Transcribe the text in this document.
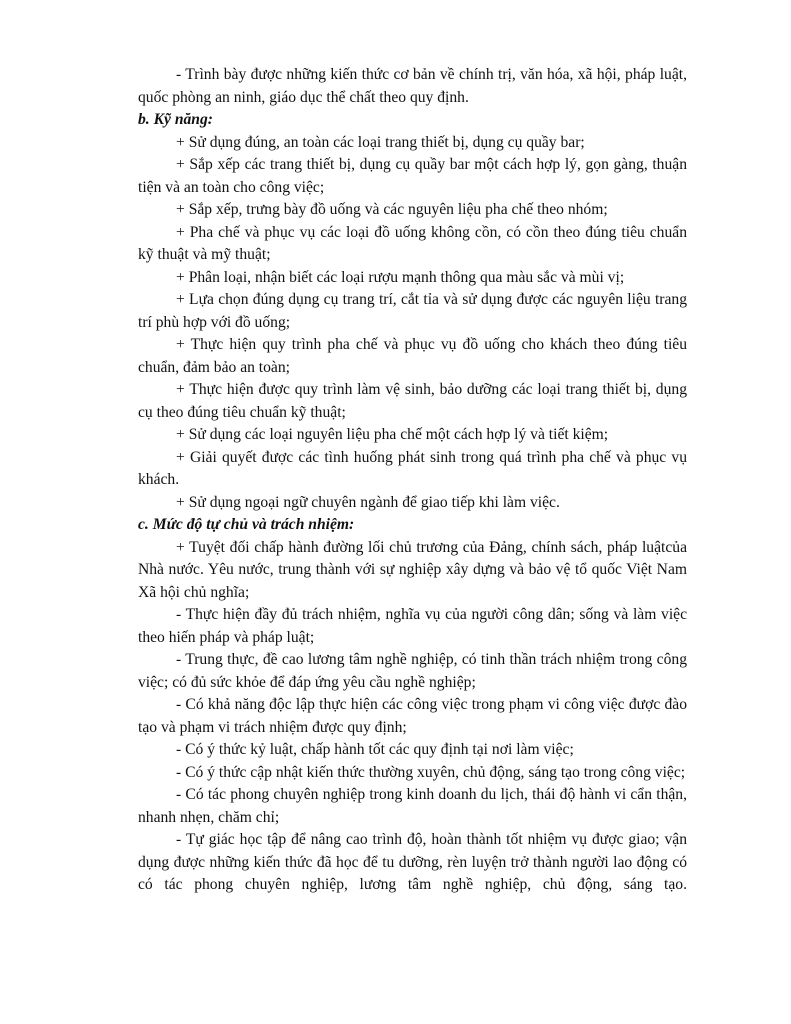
- Trình bày được những kiến thức cơ bản về chính trị, văn hóa, xã hội, pháp luật, quốc phòng an ninh, giáo dục thể chất theo quy định.

b. Kỹ năng:

+ Sử dụng đúng, an toàn các loại trang thiết bị, dụng cụ quầy bar;

+ Sắp xếp các trang thiết bị, dụng cụ quầy bar một cách hợp lý, gọn gàng, thuận tiện và an toàn cho công việc;

+ Sắp xếp, trưng bày đồ uống và các nguyên liệu pha chế theo nhóm;

+ Pha chế và phục vụ các loại đồ uống không cồn, có cồn theo đúng tiêu chuẩn kỹ thuật và mỹ thuật;

+ Phân loại, nhận biết các loại rượu mạnh thông qua màu sắc và mùi vị;

+ Lựa chọn đúng dụng cụ trang trí, cắt tỉa và sử dụng được các nguyên liệu trang trí phù hợp với đồ uống;

+ Thực hiện quy trình pha chế và phục vụ đồ uống cho khách theo đúng tiêu chuẩn, đảm bảo an toàn;

+ Thực hiện được quy trình làm vệ sinh, bảo dưỡng các loại trang thiết bị, dụng cụ theo đúng tiêu chuẩn kỹ thuật;

+ Sử dụng các loại nguyên liệu pha chế một cách hợp lý và tiết kiệm;

+ Giải quyết được các tình huống phát sinh trong quá trình pha chế và phục vụ khách.

+ Sử dụng ngoại ngữ chuyên ngành để giao tiếp khi làm việc.

c. Mức độ tự chủ và trách nhiệm:

+ Tuyệt đối chấp hành đường lối chủ trương của Đảng, chính sách, pháp luậtcủa Nhà nước. Yêu nước, trung thành với sự nghiệp xây dựng và bảo vệ tổ quốc Việt Nam Xã hội chủ nghĩa;

- Thực hiện đầy đủ trách nhiệm, nghĩa vụ của người công dân; sống và làm việc theo hiến pháp và pháp luật;

- Trung thực, đề cao lương tâm nghề nghiệp, có tinh thần trách nhiệm trong công việc; có đủ sức khỏe để đáp ứng yêu cầu nghề nghiệp;

- Có khả năng độc lập thực hiện các công việc trong phạm vi công việc được đào tạo và phạm vi trách nhiệm được quy định;

- Có ý thức kỷ luật, chấp hành tốt các quy định tại nơi làm việc;

- Có ý thức cập nhật kiến thức thường xuyên, chủ động, sáng tạo trong công việc;

- Có tác phong chuyên nghiệp trong kinh doanh du lịch, thái độ hành vi cẩn thận, nhanh nhẹn, chăm chỉ;

- Tự giác học tập để nâng cao trình độ, hoàn thành tốt nhiệm vụ được giao; vận dụng được những kiến thức đã học để tu dưỡng, rèn luyện trở thành người lao động có có tác phong chuyên nghiệp, lương tâm nghề nghiệp, chủ động, sáng tạo.
